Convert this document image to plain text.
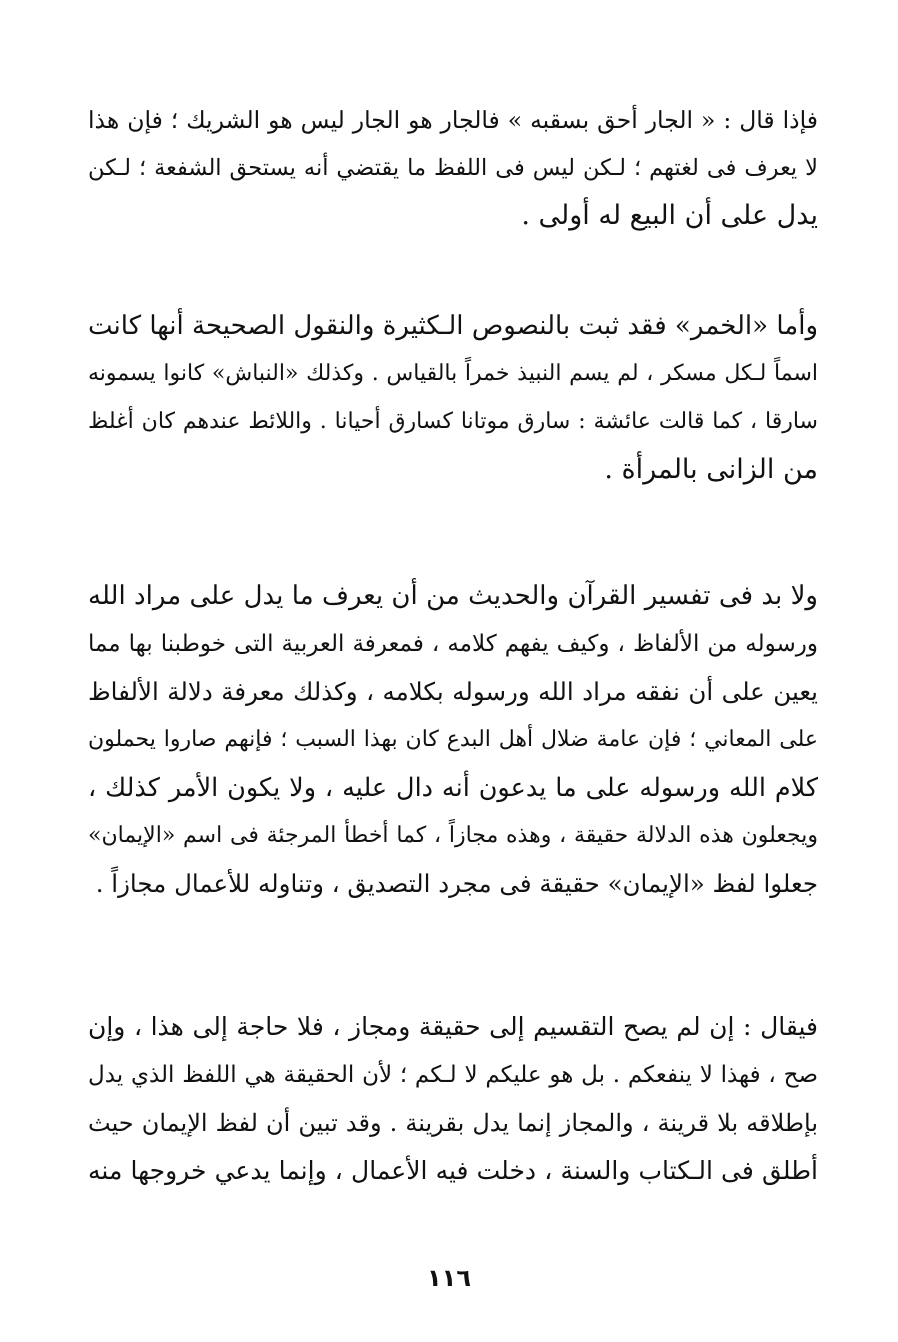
فإذا قال : « الجار أحق بسقبه » فالجار هو الجار ليس هو الشريك ؛ فإن هذا
لا يعرف فى لغتهم ؛ لـكن ليس فى اللفظ ما يقتضي أنه يستحق الشفعة ؛ لـكن
يدل على أن البيع له أولى .
وأما «الخمر» فقد ثبت بالنصوص الـكثيرة والنقول الصحيحة أنها كانت
اسماً لـكل مسكر ، لم يسم النبيذ خمراً بالقياس . وكذلك «النباش» كانوا يسمونه
سارقا ، كما قالت عائشة : سارق موتانا كسارق أحيانا . واللائط عندهم كان أغلظ
من الزانى بالمرأة .
ولا بد فى تفسير القرآن والحديث من أن يعرف ما يدل على مراد الله
ورسوله من الألفاظ ، وكيف يفهم كلامه ، فمعرفة العربية التى خوطبنا بها مما
يعين على أن نفقه مراد الله ورسوله بكلامه ، وكذلك معرفة دلالة الألفاظ
على المعاني ؛ فإن عامة ضلال أهل البدع كان بهذا السبب ؛ فإنهم صاروا يحملون
كلام الله ورسوله على ما يدعون أنه دال عليه ، ولا يكون الأمر كذلك ،
ويجعلون هذه الدلالة حقيقة ، وهذه مجازاً ، كما أخطأ المرجئة فى اسم «الإيمان»
جعلوا لفظ «الإيمان» حقيقة فى مجرد التصديق ، وتناوله للأعمال مجازاً .
فيقال : إن لم يصح التقسيم إلى حقيقة ومجاز ، فلا حاجة إلى هذا ، وإن
صح ، فهذا لا ينفعكم . بل هو عليكم لا لـكم ؛ لأن الحقيقة هي اللفظ الذي يدل
بإطلاقه بلا قرينة ، والمجاز إنما يدل بقرينة . وقد تبين أن لفظ الإيمان حيث
أطلق فى الـكتاب والسنة ، دخلت فيه الأعمال ، وإنما يدعي خروجها منه
١١٦
